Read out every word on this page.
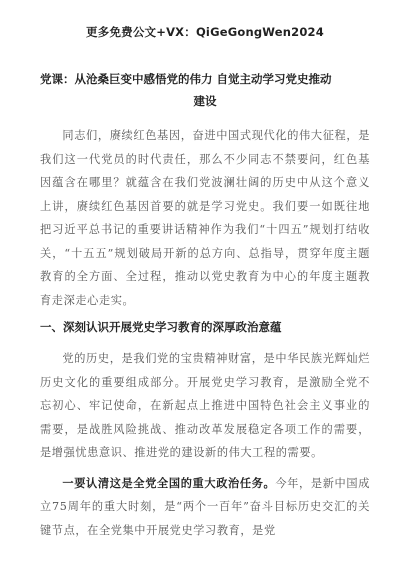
更多免费公文+VX：QiGeGongWen2024
党课：从沧桑巨变中感悟党的伟力 自觉主动学习党史推动
建设

同志们，赓续红色基因，奋进中国式现代化的伟大征程，是我们这一代党员的时代责任，那么不少同志不禁要问，红色基因蕴含在哪里？就蕴含在我们党波澜壮阔的历史中从这个意义上讲，赓续红色基因首要的就是学习党史。我们要一如既往地把习近平总书记的重要讲话精神作为我们“十四五”规划打结收关，“十五五”规划破局开新的总方向、总指导，贯穿年度主题教育的全方面、全过程，推动以党史教育为中心的年度主题教育走深走心走实。

一、深刻认识开展党史学习教育的深厚政治意蕴

党的历史，是我们党的宝贵精神财富，是中华民族光辉灿烂历史文化的重要组成部分。开展党史学习教育，是激励全党不忘初心、牢记使命，在新起点上推进中国特色社会主义事业的需要，是战胜风险挑战、推动改革发展稳定各项工作的需要，是增强忧患意识、推进党的建设新的伟大工程的需要。

一要认清这是全党全国的重大政治任务。今年，是新中国成立75周年的重大时刻，是“两个一百年”奋斗目标历史交汇的关键节点，在全党集中开展党史学习教育，是党
